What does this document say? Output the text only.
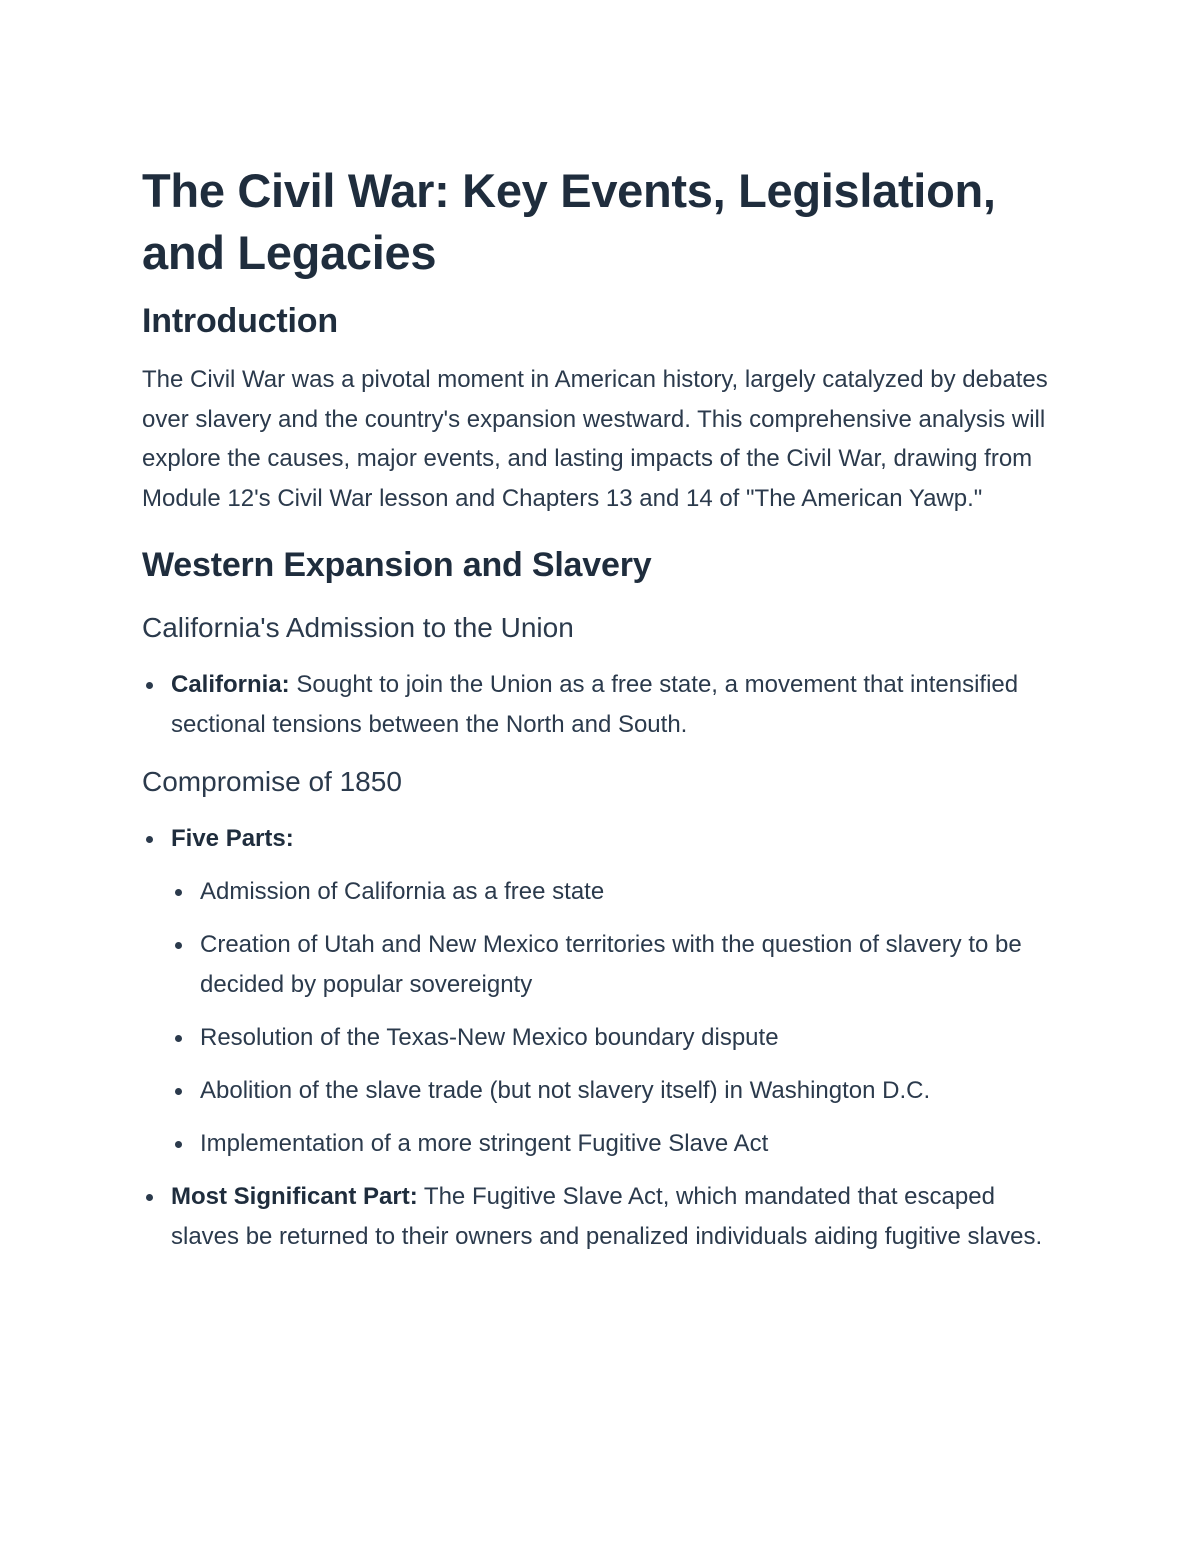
The Civil War: Key Events, Legislation, and Legacies
Introduction

The Civil War was a pivotal moment in American history, largely catalyzed by debates over slavery and the country's expansion westward. This comprehensive analysis will explore the causes, major events, and lasting impacts of the Civil War, drawing from Module 12's Civil War lesson and Chapters 13 and 14 of "The American Yawp."

Western Expansion and Slavery
California's Admission to the Union
California: Sought to join the Union as a free state, a movement that intensified sectional tensions between the North and South.
Compromise of 1850
Five Parts:
Admission of California as a free state
Creation of Utah and New Mexico territories with the question of slavery to be decided by popular sovereignty
Resolution of the Texas-New Mexico boundary dispute
Abolition of the slave trade (but not slavery itself) in Washington D.C.
Implementation of a more stringent Fugitive Slave Act
Most Significant Part: The Fugitive Slave Act, which mandated that escaped slaves be returned to their owners and penalized individuals aiding fugitive slaves.
